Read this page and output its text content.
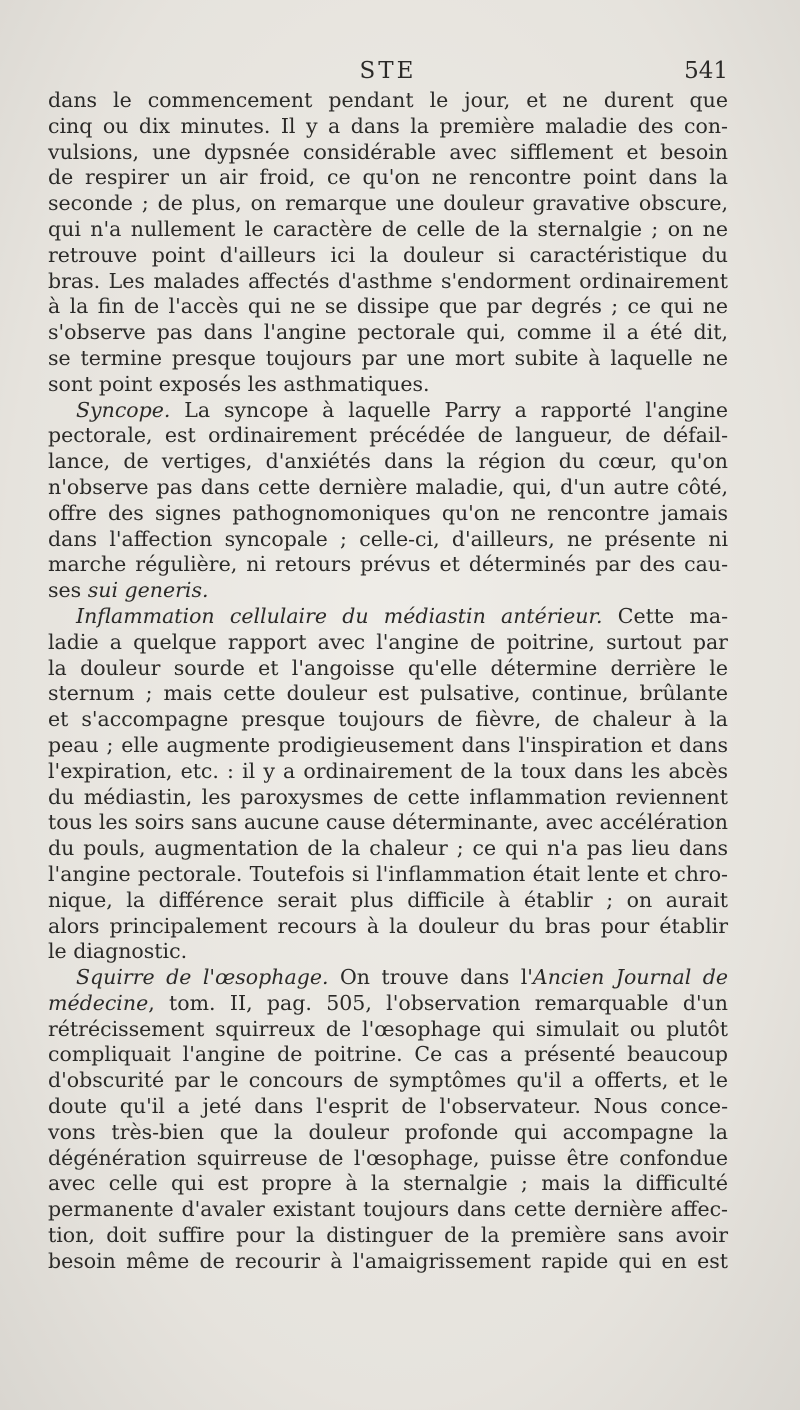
STE	541
dans le commencement pendant le jour, et ne durent que
cinq ou dix minutes. Il y a dans la première maladie des con-
vulsions, une dypsnée considérable avec sifflement et besoin
de respirer un air froid, ce qu'on ne rencontre point dans la
seconde ; de plus, on remarque une douleur gravative obscure,
qui n'a nullement le caractère de celle de la sternalgie ; on ne
retrouve point d'ailleurs ici la douleur si caractéristique du
bras. Les malades affectés d'asthme s'endorment ordinairement
à la fin de l'accès qui ne se dissipe que par degrés ; ce qui ne
s'observe pas dans l'angine pectorale qui, comme il a été dit,
se termine presque toujours par une mort subite à laquelle ne
sont point exposés les asthmatiques.
Syncope. La syncope à laquelle Parry a rapporté l'angine
pectorale, est ordinairement précédée de langueur, de défail-
lance, de vertiges, d'anxiétés dans la région du cœur, qu'on
n'observe pas dans cette dernière maladie, qui, d'un autre côté,
offre des signes pathognomoniques qu'on ne rencontre jamais
dans l'affection syncopale ; celle-ci, d'ailleurs, ne présente ni
marche régulière, ni retours prévus et déterminés par des cau-
ses sui generis.
Inflammation cellulaire du médiastin antérieur. Cette ma-
ladie a quelque rapport avec l'angine de poitrine, surtout par
la douleur sourde et l'angoisse qu'elle détermine derrière le
sternum ; mais cette douleur est pulsative, continue, brûlante
et s'accompagne presque toujours de fièvre, de chaleur à la
peau ; elle augmente prodigieusement dans l'inspiration et dans
l'expiration, etc. : il y a ordinairement de la toux dans les abcès
du médiastin, les paroxysmes de cette inflammation reviennent
tous les soirs sans aucune cause déterminante, avec accélération
du pouls, augmentation de la chaleur ; ce qui n'a pas lieu dans
l'angine pectorale. Toutefois si l'inflammation était lente et chro-
nique, la différence serait plus difficile à établir ; on aurait
alors principalement recours à la douleur du bras pour établir
le diagnostic.
Squirre de l'œsophage. On trouve dans l'Ancien Journal de
médecine, tom. II, pag. 505, l'observation remarquable d'un
rétrécissement squirreux de l'œsophage qui simulait ou plutôt
compliquait l'angine de poitrine. Ce cas a présenté beaucoup
d'obscurité par le concours de symptômes qu'il a offerts, et le
doute qu'il a jeté dans l'esprit de l'observateur. Nous conce-
vons très-bien que la douleur profonde qui accompagne la
dégénération squirreuse de l'œsophage, puisse être confondue
avec celle qui est propre à la sternalgie ; mais la difficulté
permanente d'avaler existant toujours dans cette dernière affec-
tion, doit suffire pour la distinguer de la première sans avoir
besoin même de recourir à l'amaigrissement rapide qui en est
